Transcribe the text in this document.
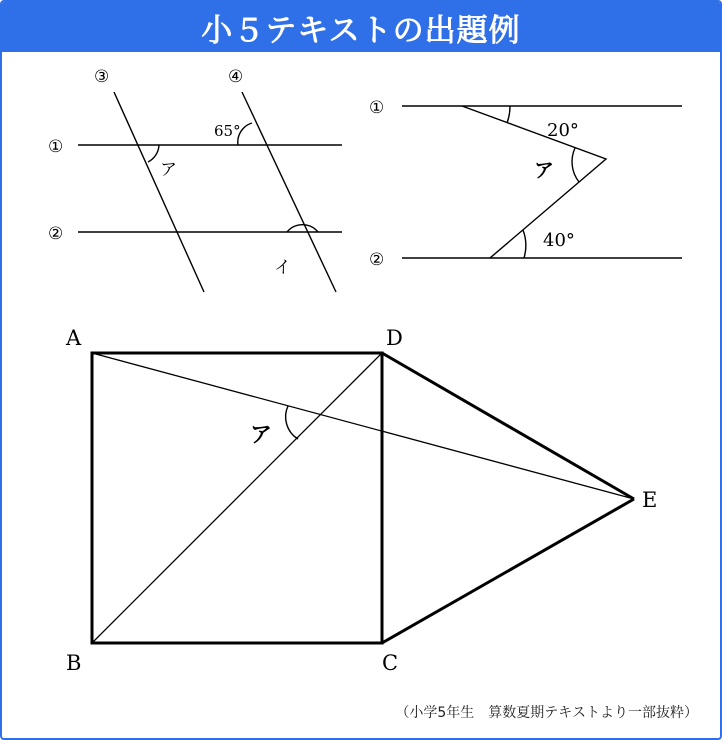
小５テキストの出題例
③	④
①
②
65°
ア
イ
①
②
20°
40°
ア
A	D
B	C
E
ア
（小学5年生　算数夏期テキストより一部抜粋）
